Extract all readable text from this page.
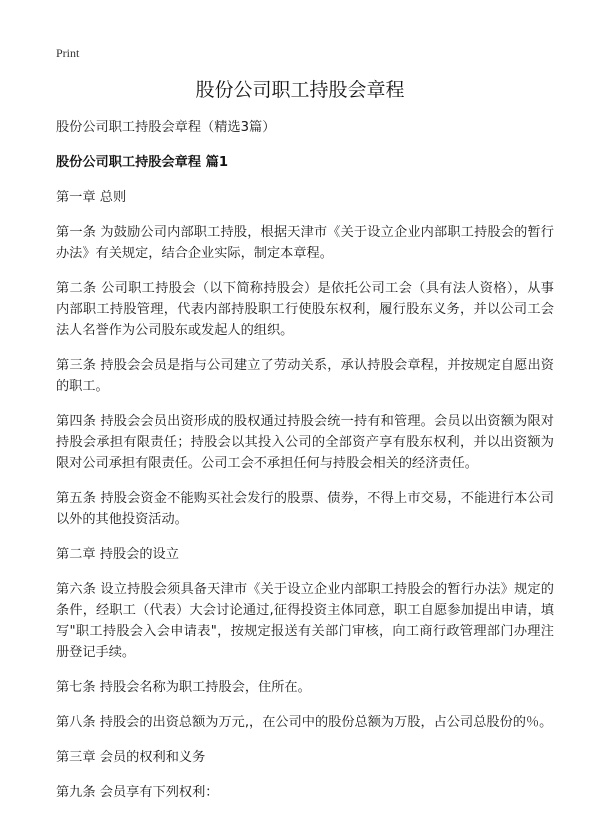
Print
股份公司职工持股会章程

股份公司职工持股会章程（精选3篇）

股份公司职工持股会章程 篇1

第一章 总则

第一条 为鼓励公司内部职工持股，根据天津市《关于设立企业内部职工持股会的暂行办法》有关规定，结合企业实际，制定本章程。

第二条 公司职工持股会（以下简称持股会）是依托公司工会（具有法人资格），从事内部职工持股管理，代表内部持股职工行使股东权利，履行股东义务，并以公司工会法人名誉作为公司股东或发起人的组织。

第三条 持股会会员是指与公司建立了劳动关系，承认持股会章程，并按规定自愿出资的职工。

第四条 持股会会员出资形成的股权通过持股会统一持有和管理。会员以出资额为限对持股会承担有限责任；持股会以其投入公司的全部资产享有股东权利，并以出资额为限对公司承担有限责任。公司工会不承担任何与持股会相关的经济责任。

第五条 持股会资金不能购买社会发行的股票、债券，不得上市交易，不能进行本公司以外的其他投资活动。

第二章 持股会的设立

第六条 设立持股会须具备天津市《关于设立企业内部职工持股会的暂行办法》规定的条件，经职工（代表）大会讨论通过,征得投资主体同意，职工自愿参加提出申请，填写"职工持股会入会申请表"，按规定报送有关部门审核，向工商行政管理部门办理注册登记手续。

第七条 持股会名称为职工持股会，住所在。

第八条 持股会的出资总额为万元,，在公司中的股份总额为万股，占公司总股份的％。

第三章 会员的权利和义务

第九条 会员享有下列权利：
